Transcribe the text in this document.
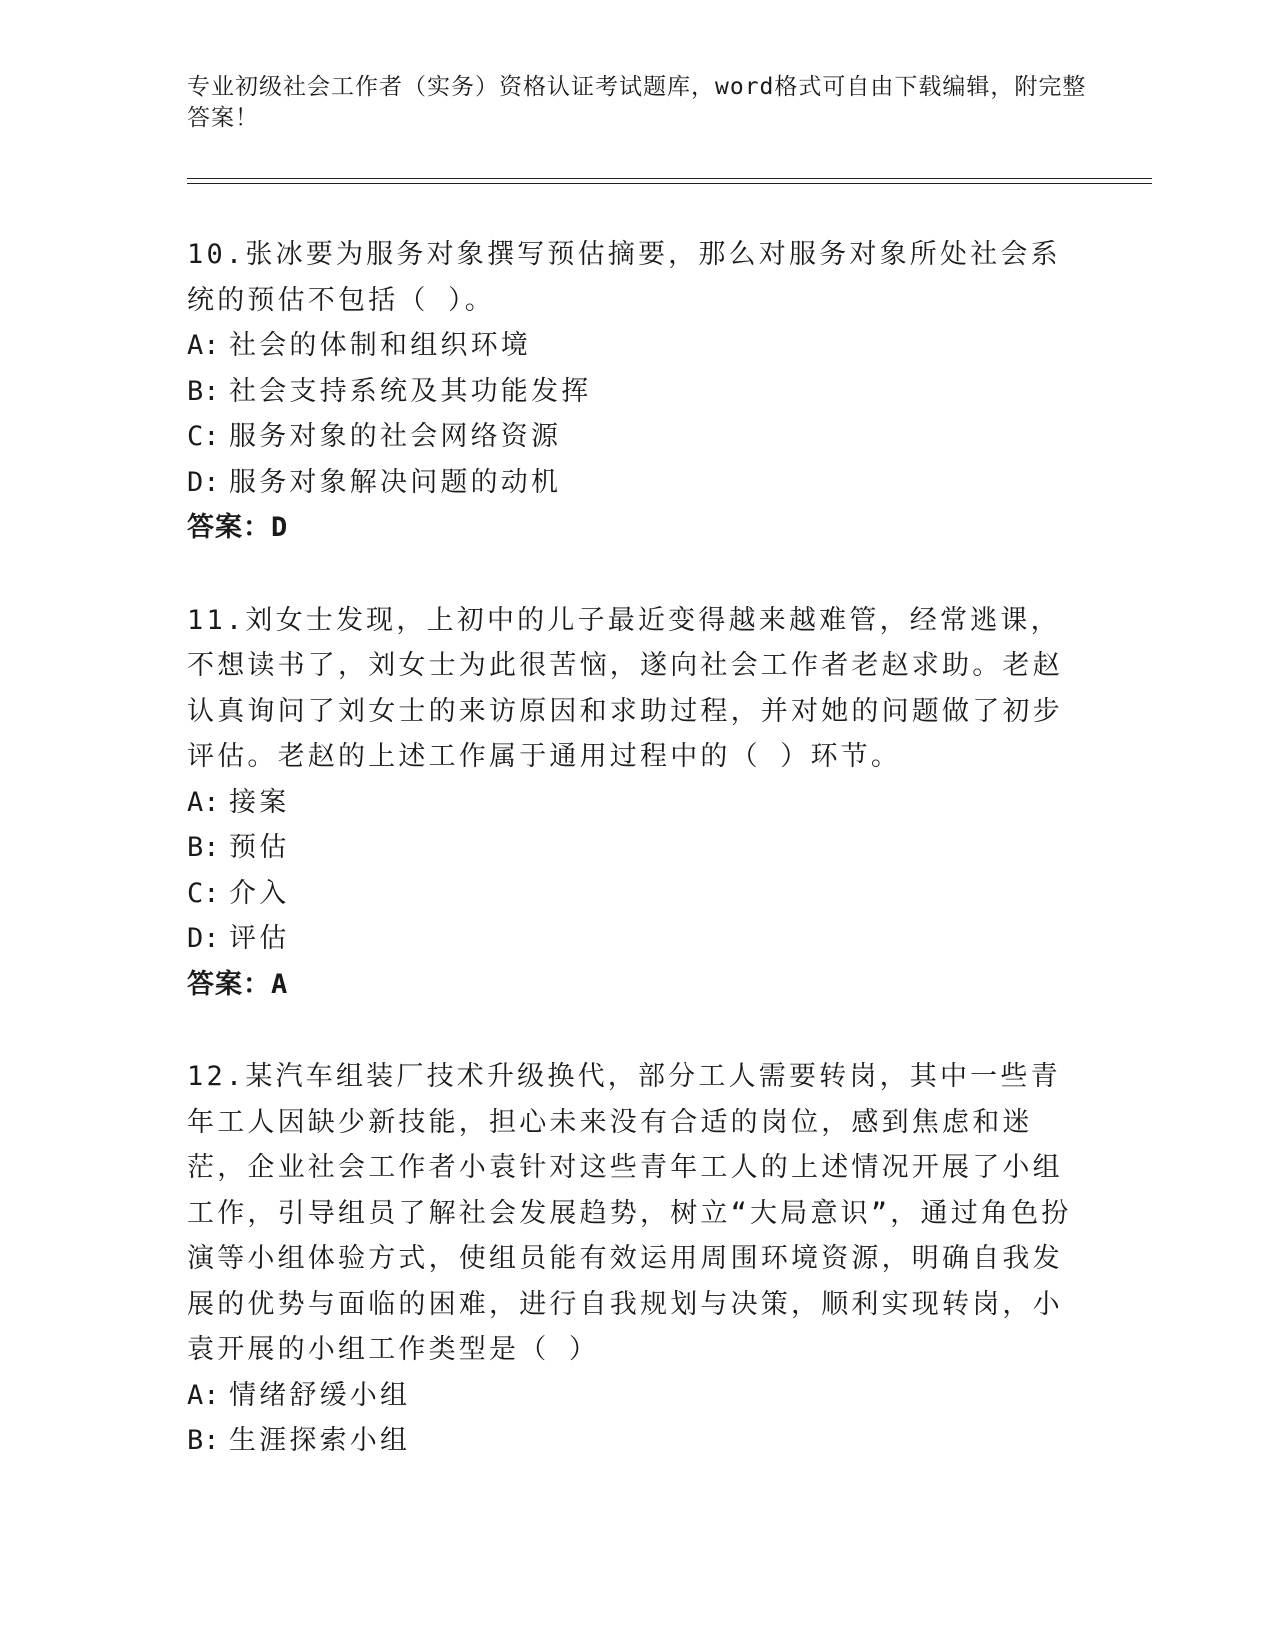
专业初级社会工作者（实务）资格认证考试题库，word格式可自由下载编辑，附完整答案！
10.张冰要为服务对象撰写预估摘要，那么对服务对象所处社会系统的预估不包括（ ）。
A: 社会的体制和组织环境
B: 社会支持系统及其功能发挥
C: 服务对象的社会网络资源
D: 服务对象解决问题的动机
答案：D
11.刘女士发现，上初中的儿子最近变得越来越难管，经常逃课，不想读书了，刘女士为此很苦恼，遂向社会工作者老赵求助。老赵认真询问了刘女士的来访原因和求助过程，并对她的问题做了初步评估。老赵的上述工作属于通用过程中的（ ）环节。
A: 接案
B: 预估
C: 介入
D: 评估
答案：A
12.某汽车组装厂技术升级换代，部分工人需要转岗，其中一些青年工人因缺少新技能，担心未来没有合适的岗位，感到焦虑和迷茫，企业社会工作者小袁针对这些青年工人的上述情况开展了小组工作，引导组员了解社会发展趋势，树立“大局意识”，通过角色扮演等小组体验方式，使组员能有效运用周围环境资源，明确自我发展的优势与面临的困难，进行自我规划与决策，顺利实现转岗，小袁开展的小组工作类型是（ ）
A: 情绪舒缓小组
B: 生涯探索小组
